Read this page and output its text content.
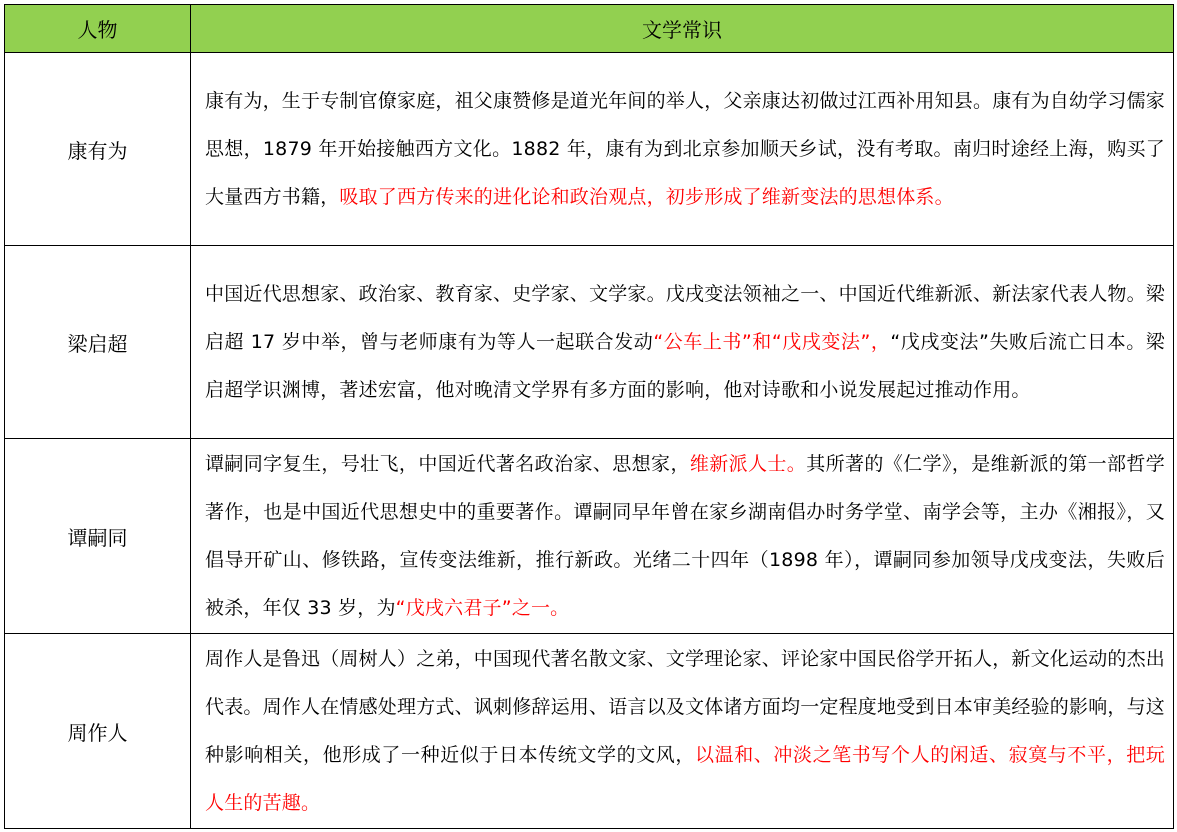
人物	文学常识
康有为	康有为，生于专制官僚家庭，祖父康赞修是道光年间的举人，父亲康达初做过江西补用知县。康有为自幼学习儒家思想，1879 年开始接触西方文化。1882 年，康有为到北京参加顺天乡试，没有考取。南归时途经上海，购买了大量西方书籍，吸取了西方传来的进化论和政治观点，初步形成了维新变法的思想体系。
梁启超	中国近代思想家、政治家、教育家、史学家、文学家。戊戌变法领袖之一、中国近代维新派、新法家代表人物。梁启超 17 岁中举，曾与老师康有为等人一起联合发动“公车上书”和“戊戌变法”，“戊戌变法”失败后流亡日本。梁启超学识渊博，著述宏富，他对晚清文学界有多方面的影响，他对诗歌和小说发展起过推动作用。
谭嗣同	谭嗣同字复生，号壮飞，中国近代著名政治家、思想家，维新派人士。其所著的《仁学》，是维新派的第一部哲学著作，也是中国近代思想史中的重要著作。谭嗣同早年曾在家乡湖南倡办时务学堂、南学会等，主办《湘报》，又倡导开矿山、修铁路，宣传变法维新，推行新政。光绪二十四年（1898 年），谭嗣同参加领导戊戌变法，失败后被杀，年仅 33 岁，为“戊戌六君子”之一。
周作人	周作人是鲁迅（周树人）之弟，中国现代著名散文家、文学理论家、评论家中国民俗学开拓人，新文化运动的杰出代表。周作人在情感处理方式、讽刺修辞运用、语言以及文体诸方面均一定程度地受到日本审美经验的影响，与这种影响相关，他形成了一种近似于日本传统文学的文风，以温和、冲淡之笔书写个人的闲适、寂寞与不平，把玩人生的苦趣。
